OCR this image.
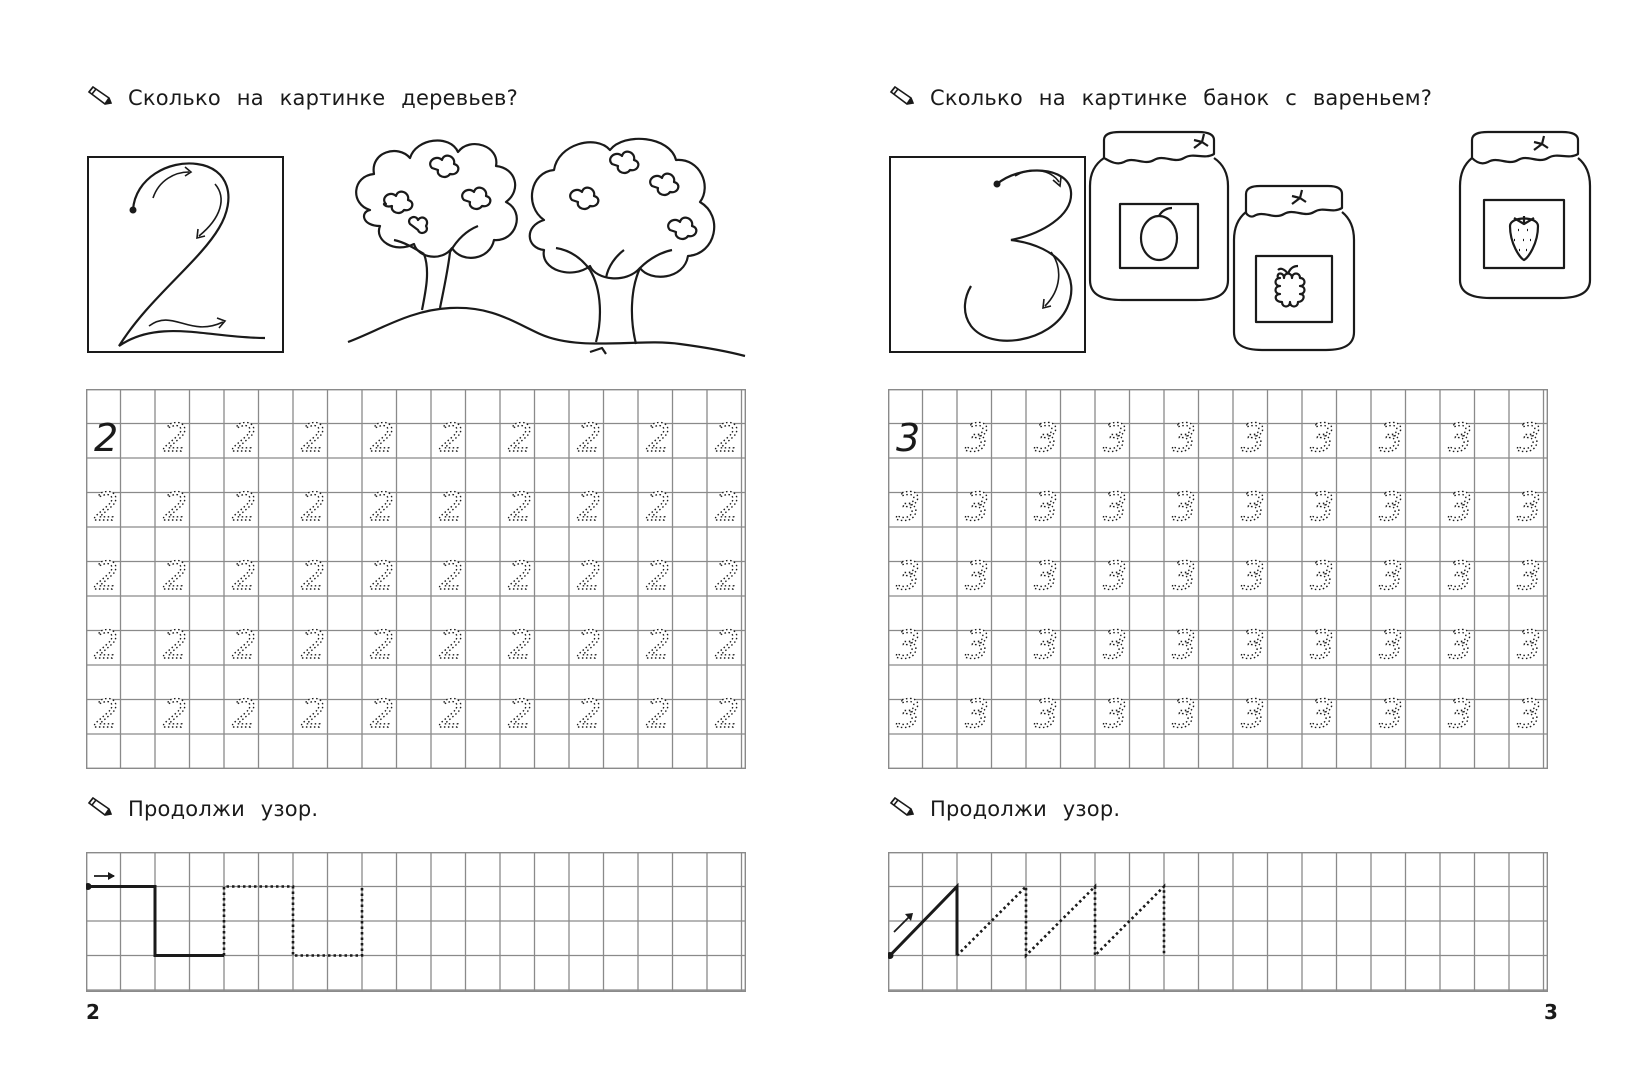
Сколько на картинке деревьев?
2 2 2 2 2 2 2 2 2 2
2 2 2 2 2 2 2 2 2 2
2 2 2 2 2 2 2 2 2 2
2 2 2 2 2 2 2 2 2 2
2 2 2 2 2 2 2 2 2 2
Продолжи узор.
2
Сколько на картинке банок с вареньем?
3 3 3 3 3 3 3 3 3 3
3 3 3 3 3 3 3 3 3 3
3 3 3 3 3 3 3 3 3 3
3 3 3 3 3 3 3 3 3 3
3 3 3 3 3 3 3 3 3 3
Продолжи узор.
3
